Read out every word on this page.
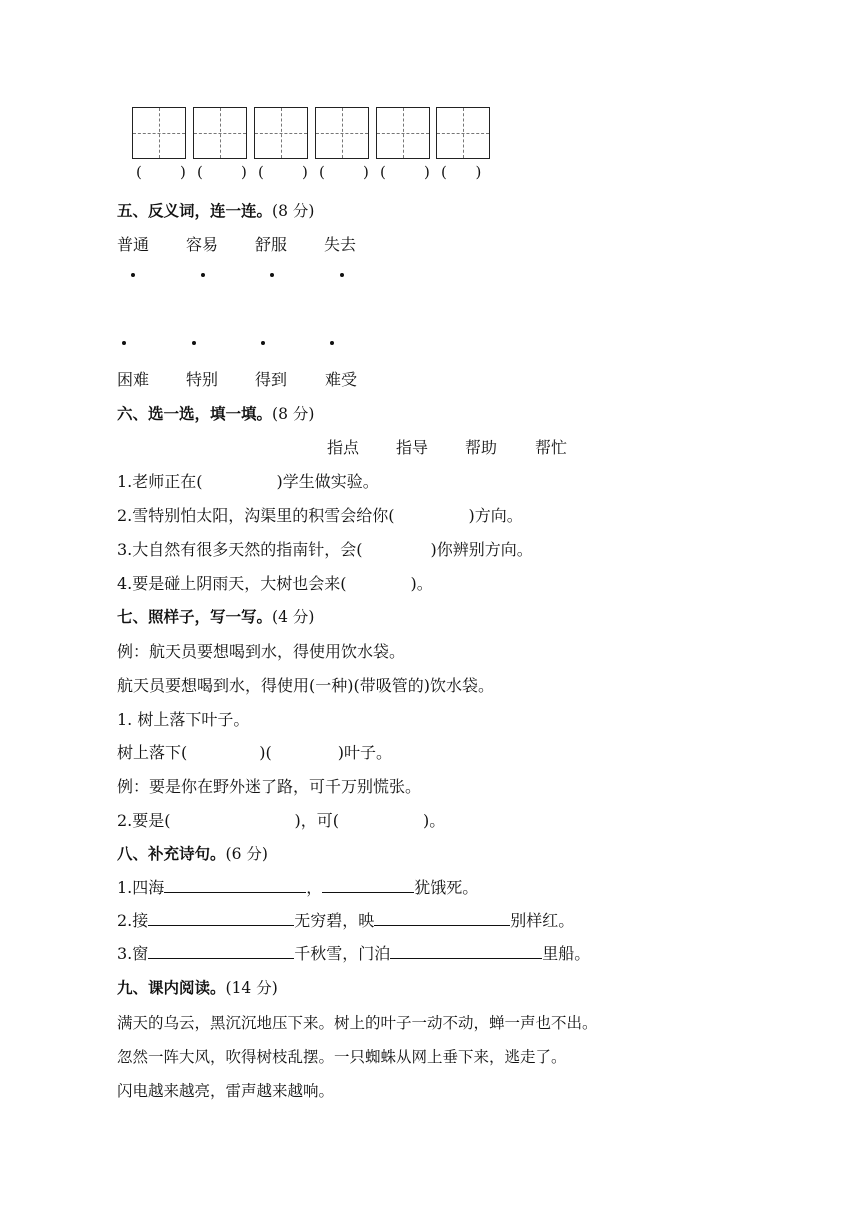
(        ) (        ) (        ) (        ) (        ) (      )
五、反义词，连一连。(8 分)
普通 容易 舒服 失去
困难 特别 得到 难受
六、选一选，填一填。(8 分)
指点 指导 帮助 帮忙
1.老师正在(	)学生做实验。
2.雪特别怕太阳，沟渠里的积雪会给你(	)方向。
3.大自然有很多天然的指南针，会(	)你辨别方向。
4.要是碰上阴雨天，大树也会来(	)。
七、照样子，写一写。(4 分)
例：航天员要想喝到水，得使用饮水袋。
航天员要想喝到水，得使用(一种)(带吸管的)饮水袋。
1. 树上落下叶子。
树上落下(	)(	)叶子。
例：要是你在野外迷了路，可千万别慌张。
2.要是(	)，可(	)。
八、补充诗句。(6 分)
1.四海	，	犹饿死。
2.接	无穷碧，映	别样红。
3.窗	千秋雪，门泊	里船。
九、课内阅读。(14 分)
满天的乌云，黑沉沉地压下来。树上的叶子一动不动，蝉一声也不出。
忽然一阵大风，吹得树枝乱摆。一只蜘蛛从网上垂下来，逃走了。
闪电越来越亮，雷声越来越响。
